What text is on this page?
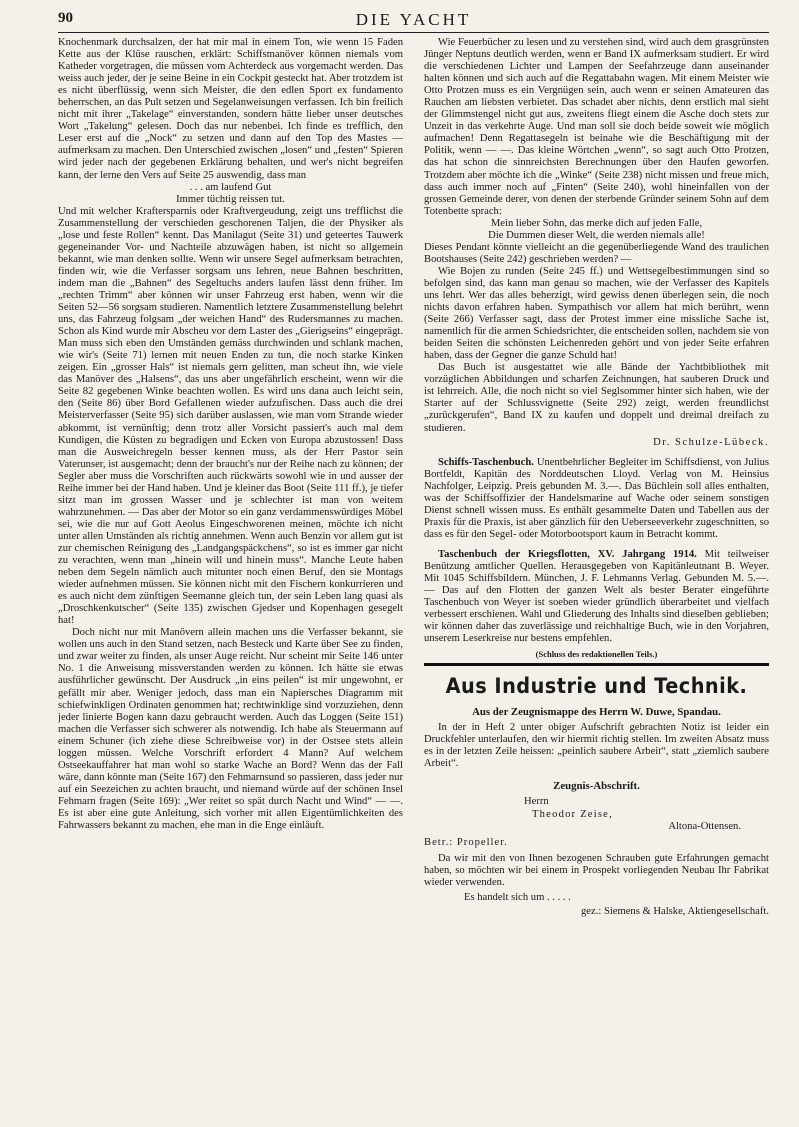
90	DIE YACHT

Knochenmark durchsalzen, der hat mir mal in einem Ton, wie wenn 15 Faden Kette aus der Klüse rauschen, erklärt: Schiffsmanöver können niemals vom Katheder vorgetragen, die müssen vom Achterdeck aus vorgemacht werden. Das weiss auch jeder, der je seine Beine in ein Cockpit gesteckt hat. Aber trotzdem ist es nicht überflüssig, wenn sich Meister, die den edlen Sport ex fundamento beherrschen, an das Pult setzen und Segelanweisungen verfassen. Ich bin freilich nicht mit ihrer „Takelage“ einverstanden, sondern hätte lieber unser deutsches Wort „Takelung“ gelesen. Doch das nur nebenbei. Ich finde es trefflich, den Leser erst auf die „Nock“ zu setzen und dann auf den Top des Mastes — aufmerksam zu machen. Den Unterschied zwischen „losen“ und „festen“ Spieren wird jeder nach der gegebenen Erklärung behalten, und wer's nicht begreifen kann, der lerne den Vers auf Seite 25 auswendig, dass man

. . . am laufend Gut
Immer tüchtig reissen tut.

Und mit welcher Kraftersparnis oder Kraftvergeudung, zeigt uns trefflichst die Zusammenstellung der verschieden geschorenen Taljen, die der Physiker als „lose und feste Rollen“ kennt. Das Manilagut (Seite 31) und geteertes Tauwerk gegeneinander Vor- und Nachteile abzuwägen haben, ist nicht so allgemein bekannt, wie man denken sollte. Wenn wir unsere Segel aufmerksam betrachten, finden wir, wie die Verfasser sorgsam uns lehren, neue Bahnen beschritten, indem man die „Bahnen“ des Segeltuchs anders laufen lässt denn früher. Im „rechten Trimm“ aber können wir unser Fahrzeug erst haben, wenn wir die Seiten 52—56 sorgsam studieren. Namentlich letztere Zusammenstellung belehrt uns, das Fahrzeug folgsam „der weichen Hand“ des Rudersmannes zu machen. Schon als Kind wurde mir Abscheu vor dem Laster des „Gierigseins“ eingeprägt. Man muss sich eben den Umständen gemäss durchwinden und schlank machen, wie wir's (Seite 71) lernen mit neuen Enden zu tun, die noch starke Kinken zeigen. Ein „grosser Hals“ ist niemals gern gelitten, man scheut ihn, wie viele das Manöver des „Halsens“, das uns aber ungefährlich erscheint, wenn wir die Seite 82 gegebenen Winke beachten wollen. Es wird uns dana auch leicht sein, den (Seite 86) über Bord Gefallenen wieder aufzufischen. Dass auch die drei Meisterverfasser (Seite 95) sich darüber auslassen, wie man vom Strande wieder abkommt, ist vernünftig; denn trotz aller Vorsicht passiert's auch mal dem Kundigen, die Küsten zu begradigen und Ecken von Europa abzustossen! Dass man die Ausweichregeln besser kennen muss, als der Herr Pastor sein Vaterunser, ist ausgemacht; denn der braucht's nur der Reihe nach zu können; der Segler aber muss die Vorschriften auch rückwärts sowohl wie in und ausser der Reihe immer bei der Hand haben. Und je kleiner das Boot (Seite 111 ff.), je tiefer sitzt man im grossen Wasser und je schlechter ist man von weitem wahrzunehmen. — Das aber der Motor so ein ganz verdammenswürdiges Möbel sei, wie die nur auf Gott Aeolus Eingeschworenen meinen, möchte ich nicht unter allen Umständen als richtig annehmen. Wenn auch Benzin vor allem gut ist zur chemischen Reinigung des „Landgangspäckchens“, so ist es immer gar nicht zu verachten, wenn man „hinein will und hinein muss“. Manche Leute haben neben dem Segeln nämlich auch mitunter noch einen Beruf, den sie Montags wieder aufnehmen müssen. Sie können nicht mit den Fischern konkurrieren und es auch nicht dem zünftigen Seemanne gleich tun, der sein Leben lang quasi als „Droschkenkutscher“ (Seite 135) zwischen Gjedser und Kopenhagen gesegelt hat!

Doch nicht nur mit Manövern allein machen uns die Verfasser bekannt, sie wollen uns auch in den Stand setzen, nach Besteck und Karte über See zu finden, und zwar weiter zu finden, als unser Auge reicht. Nur scheint mir Seite 146 unter No. 1 die Anweisung missverstanden werden zu können. Ich hätte sie etwas ausführlicher gewünscht. Der Ausdruck „in eins peilen“ ist mir ungewohnt, er gefällt mir aber. Weniger jedoch, dass man ein Napiersches Diagramm mit schiefwinkligen Ordinaten genommen hat; rechtwinklige sind vorzuziehen, denn jeder linierte Bogen kann dazu gebraucht werden. Auch das Loggen (Seite 151) machen die Verfasser sich schwerer als notwendig. Ich habe als Steuermann auf einem Schuner (ich ziehe diese Schreibweise vor) in der Ostsee stets allein loggen müssen. Welche Vorschrift erfordert 4 Mann? Auf welchem Ostseekauffahrer hat man wohl so starke Wache an Bord? Wenn das der Fall wäre, dann könnte man (Seite 167) den Fehmarnsund so passieren, dass jeder nur auf ein Seezeichen zu achten braucht, und niemand würde auf der schönen Insel Fehmarn fragen (Seite 169): „Wer reitet so spät durch Nacht und Wind“ — —. Es ist aber eine gute Anleitung, sich vorher mit allen Eigentümlichkeiten des Fahrwassers bekannt zu machen, ehe man in die Enge einläuft.

Wie Feuerbücher zu lesen und zu verstehen sind, wird auch dem grasgrünsten Jünger Neptuns deutlich werden, wenn er Band IX aufmerksam studiert. Er wird die verschiedenen Lichter und Lampen der Seefahrzeuge dann auseinander halten können und sich auch auf die Regattabahn wagen. Mit einem Meister wie Otto Protzen muss es ein Vergnügen sein, auch wenn er seinen Amateuren das Rauchen am liebsten verbietet. Das schadet aber nichts, denn erstlich mal sieht der Glimmstengel nicht gut aus, zweitens fliegt einem die Asche doch stets zur Unzeit in das verkehrte Auge. Und man soll sie doch beide soweit wie möglich aufmachen! Denn Regattasegeln ist beinahe wie die Beschäftigung mit der Politik, wenn — —. Das kleine Wörtchen „wenn“, so sagt auch Otto Protzen, das hat schon die sinnreichsten Berechnungen über den Haufen geworfen. Trotzdem aber möchte ich die „Winke“ (Seite 238) nicht missen und freue mich, dass auch immer noch auf „Finten“ (Seite 240), wohl hineinfallen von der grossen Gemeinde derer, von denen der sterbende Gründer seinem Sohn auf dem Totenbette sprach:

Mein lieber Sohn, das merke dich auf jeden Falle,
Die Dummen dieser Welt, die werden niemals alle!

Dieses Pendant könnte vielleicht an die gegenüberliegende Wand des traulichen Bootshauses (Seite 242) geschrieben werden? —

Wie Bojen zu runden (Seite 245 ff.) und Wettsegelbestimmungen sind so befolgen sind, das kann man genau so machen, wie der Verfasser des Kapitels uns lehrt. Wer das alles beherzigt, wird gewiss denen überlegen sein, die noch nichts davon erfahren haben. Sympathisch vor allem hat mich berührt, wenn (Seite 266) Verfasser sagt, dass der Protest immer eine missliche Sache ist, namentlich für die armen Schiedsrichter, die entscheiden sollen, nachdem sie von beiden Seiten die schönsten Leichenreden gehört und von jeder Seite erfahren haben, dass der Gegner die ganze Schuld hat!

Das Buch ist ausgestattet wie alle Bände der Yachtbibliothek mit vorzüglichen Abbildungen und scharfen Zeichnungen, hat sauberen Druck und ist lehrreich. Alle, die noch nicht so viel Seglsommer hinter sich haben, wie der Starter auf der Schlussvignette (Seite 292) zeigt, werden freundlichst „zurückgerufen“, Band IX zu kaufen und doppelt und dreimal dreifach zu studieren.

Dr. Schulze-Lübeck.

Schiffs-Taschenbuch. Unentbehrlicher Begleiter im Schiffsdienst, von Julius Bortfeldt, Kapitän des Norddeutschen Lloyd. Verlag von M. Heinsius Nachfolger, Leipzig. Preis gebunden M. 3.—. Das Büchlein soll alles enthalten, was der Schiffsoffizier der Handelsmarine auf Wache oder seinem sonstigen Dienst schnell wissen muss. Es enthält gesammelte Daten und Tabellen aus der Praxis für die Praxis, ist aber gänzlich für den Ueberseeverkehr zugeschnitten, so dass es für den Segel- oder Motorbootsport kaum in Betracht kommt.

Taschenbuch der Kriegsflotten, XV. Jahrgang 1914. Mit teilweiser Benützung amtlicher Quellen. Herausgegeben von Kapitänleutnant B. Weyer. Mit 1045 Schiffsbildern. München, J. F. Lehmanns Verlag. Gebunden M. 5.—. — Das auf den Flotten der ganzen Welt als bester Berater eingeführte Taschenbuch von Weyer ist soeben wieder gründlich überarbeitet und vielfach verbessert erschienen. Wahl und Gliederung des Inhalts sind dieselben geblieben; wir können daher das zuverlässige und reichhaltige Buch, wie in den Vorjahren, unserem Leserkreise nur bestens empfehlen.

(Schluss des redaktionellen Teils.)
Aus Industrie und Technik.
Aus der Zeugnismappe des Herrn W. Duwe, Spandau.

In der in Heft 2 unter obiger Aufschrift gebrachten Notiz ist leider ein Druckfehler unterlaufen, den wir hiermit richtig stellen. Im zweiten Absatz muss es in der letzten Zeile heissen: „peinlich saubere Arbeit“, statt „ziemlich saubere Arbeit“.

Zeugnis-Abschrift.
Herrn
Theodor Zeise,
Altona-Ottensen.
Betr.: Propeller.

Da wir mit den von Ihnen bezogenen Schrauben gute Erfahrungen gemacht haben, so möchten wir bei einem in Prospekt vorliegenden Neubau Ihr Fabrikat wieder verwenden.

Es handelt sich um . . . . .
gez.: Siemens & Halske, Aktiengesellschaft.
